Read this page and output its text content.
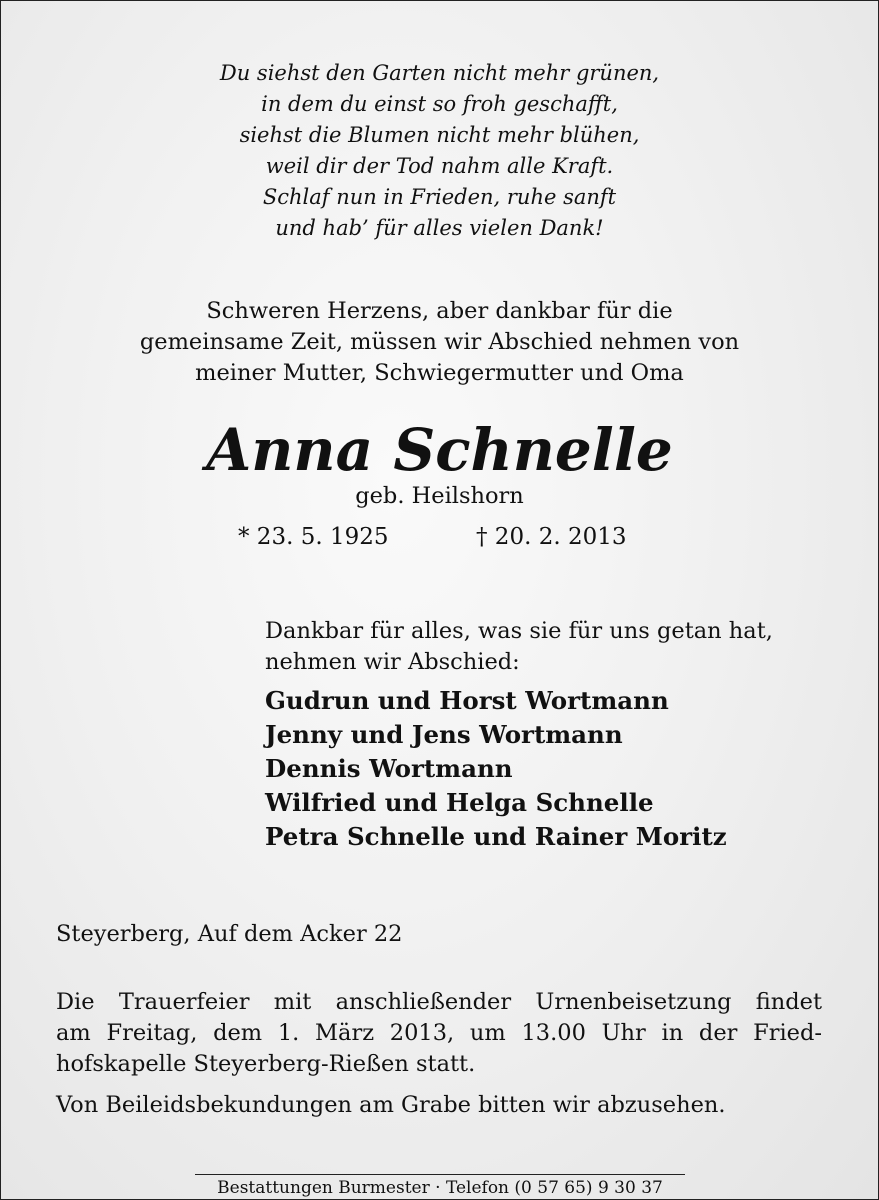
Du siehst den Garten nicht mehr grünen,
in dem du einst so froh geschafft,
siehst die Blumen nicht mehr blühen,
weil dir der Tod nahm alle Kraft.
Schlaf nun in Frieden, ruhe sanft
und hab’ für alles vielen Dank!
Schweren Herzens, aber dankbar für die
gemeinsame Zeit, müssen wir Abschied nehmen von
meiner Mutter, Schwiegermutter und Oma
Anna Schnelle
geb. Heilshorn
* 23. 5. 1925	† 20. 2. 2013
Dankbar für alles, was sie für uns getan hat,
nehmen wir Abschied:
Gudrun und Horst Wortmann
Jenny und Jens Wortmann
Dennis Wortmann
Wilfried und Helga Schnelle
Petra Schnelle und Rainer Moritz
Steyerberg, Auf dem Acker 22
Die Trauerfeier mit anschließender Urnenbeisetzung findet
am Freitag, dem 1. März 2013, um 13.00 Uhr in der Fried-
hofskapelle Steyerberg-Rießen statt.
Von Beileidsbekundungen am Grabe bitten wir abzusehen.
Bestattungen Burmester · Telefon (0 57 65) 9 30 37
